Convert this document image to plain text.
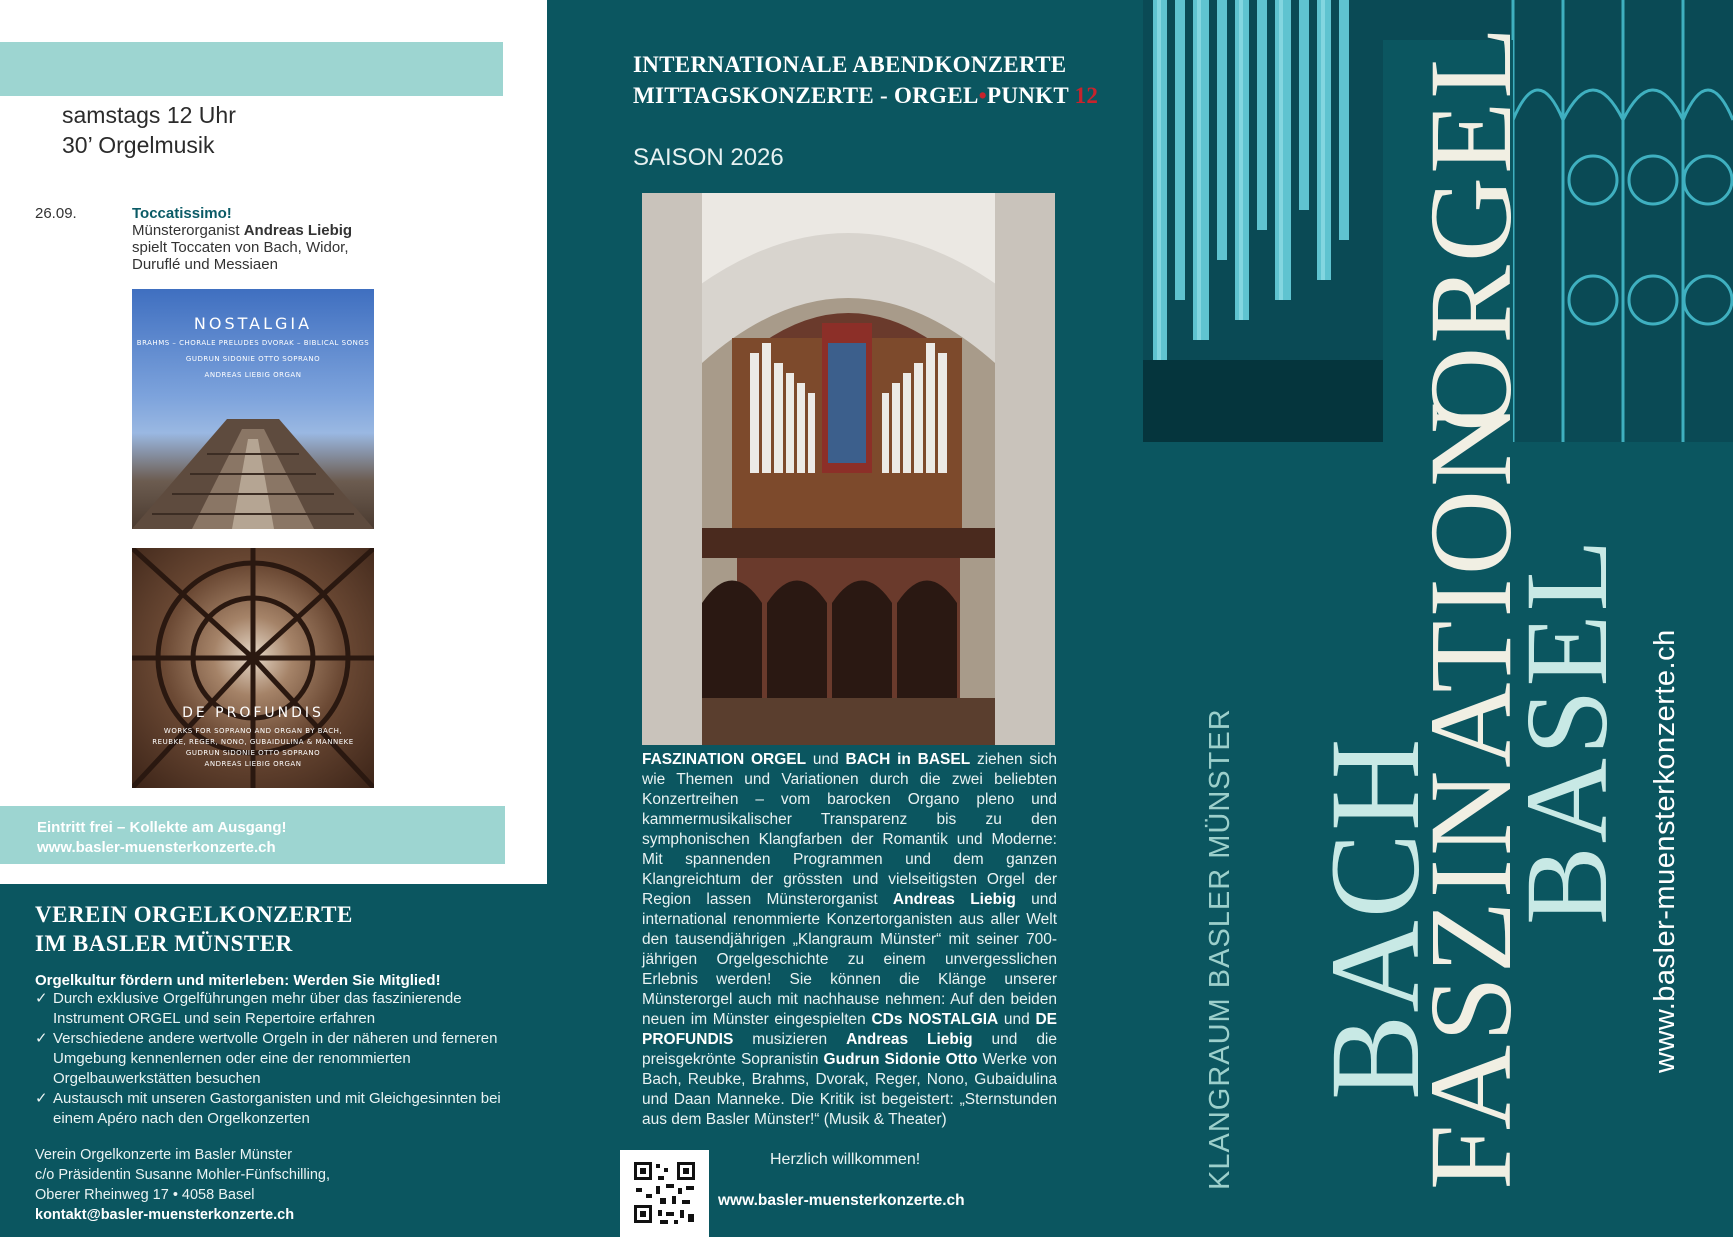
samstags 12 Uhr
30’ Orgelmusik
26.09.	Toccatissimo!
Münsterorganist Andreas Liebig
spielt Toccaten von Bach, Widor, Duruflé und Messiaen
NOSTALGIA
BRAHMS – CHORALE PRELUDES DVORAK – BIBLICAL SONGS
GUDRUN SIDONIE OTTO SOPRANO
ANDREAS LIEBIG ORGAN
DE PROFUNDIS
WORKS FOR SOPRANO AND ORGAN BY BACH,
REUBKE, REGER, NONO, GUBAIDULINA & MANNEKE
GUDRUN SIDONIE OTTO SOPRANO
ANDREAS LIEBIG ORGAN
Eintritt frei – Kollekte am Ausgang!
www.basler-muensterkonzerte.ch
VEREIN ORGELKONZERTE
IM BASLER MÜNSTER
Orgelkultur fördern und miterleben: Werden Sie Mitglied!
✓ Durch exklusive Orgelführungen mehr über das faszinierende Instrument ORGEL und sein Repertoire erfahren
✓ Verschiedene andere wertvolle Orgeln in der näheren und ferneren Umgebung kennenlernen oder eine der renommierten Orgelbauwerkstätten besuchen
✓ Austausch mit unseren Gastorganisten und mit Gleichgesinnten bei einem Apéro nach den Orgelkonzerten
Verein Orgelkonzerte im Basler Münster
c/o Präsidentin Susanne Mohler-Fünfschilling,
Oberer Rheinweg 17 • 4058 Basel
kontakt@basler-muensterkonzerte.ch
INTERNATIONALE ABENDKONZERTE
MITTAGSKONZERTE - ORGEL•PUNKT 12
SAISON 2026
FASZINATION ORGEL und BACH in BASEL ziehen sich wie Themen und Variationen durch die zwei beliebten Konzertreihen – vom barocken Organo pleno und kammermusikalischer Transparenz bis zu den symphonischen Klangfarben der Romantik und Moderne: Mit spannenden Programmen und dem ganzen Klangreichtum der grössten und vielseitigsten Orgel der Region lassen Münsterorganist Andreas Liebig und international renommierte Konzertorganisten aus aller Welt den tausendjährigen „Klangraum Münster“ mit seiner 700-jährigen Orgelgeschichte zu einem unvergesslichen Erlebnis werden! Sie können die Klänge unserer Münsterorgel auch mit nachhause nehmen: Auf den beiden neuen im Münster eingespielten CDs NOSTALGIA und DE PROFUNDIS musizieren Andreas Liebig und die preisgekrönte Sopranistin Gudrun Sidonie Otto Werke von Bach, Reubke, Brahms, Dvorak, Reger, Nono, Gubaidulina und Daan Manneke. Die Kritik ist begeistert: „Sternstunden aus dem Basler Münster!“ (Musik & Theater)
Herzlich willkommen!
www.basler-muensterkonzerte.ch
KLANGRAUM BASLER MÜNSTER BACH
FASZINATION
ORGEL
BASEL www.basler-muensterkonzerte.ch
